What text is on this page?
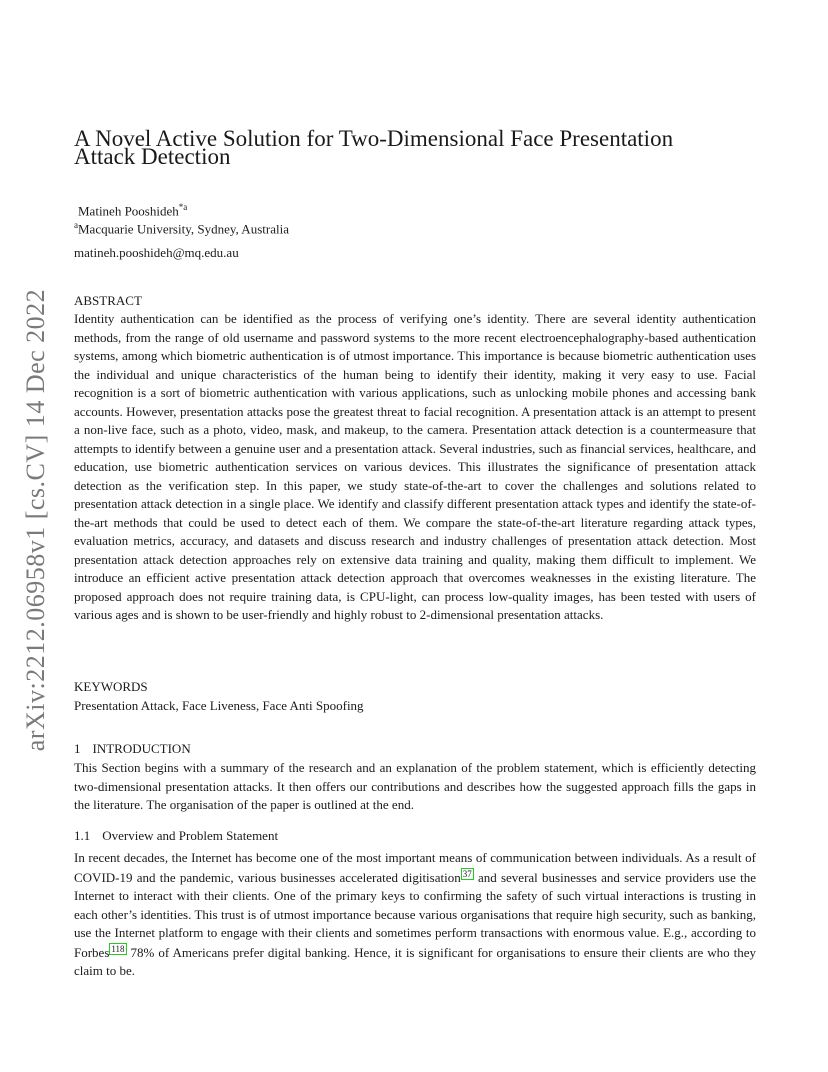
arXiv:2212.06958v1 [cs.CV] 14 Dec 2022
A Novel Active Solution for Two-Dimensional Face Presentation
Attack Detection
Matineh Pooshideh$^{*a}$
$^a$Macquarie University, Sydney, Australia
matineh.pooshideh@mq.edu.au
ABSTRACT

Identity authentication can be identified as the process of verifying one’s identity. There are several identity authentication methods, from the range of old username and password systems to the more recent electroencephalography-based authentication systems, among which biometric authentication is of utmost importance. This importance is because biometric authentication uses the individual and unique characteristics of the human being to identify their identity, making it very easy to use. Facial recognition is a sort of biometric authentication with various applications, such as unlocking mobile phones and accessing bank accounts. However, presentation attacks pose the greatest threat to facial recognition. A presentation attack is an attempt to present a non-live face, such as a photo, video, mask, and makeup, to the camera. Presentation attack detection is a countermeasure that attempts to identify between a genuine user and a presentation attack. Several industries, such as financial services, healthcare, and education, use biometric authentication services on various devices. This illustrates the significance of presentation attack detection as the verification step. In this paper, we study state-of-the-art to cover the challenges and solutions related to presentation attack detection in a single place. We identify and classify different presentation attack types and identify the state-of-the-art methods that could be used to detect each of them. We compare the state-of-the-art literature regarding attack types, evaluation metrics, accuracy, and datasets and discuss research and industry challenges of presentation attack detection. Most presentation attack detection approaches rely on extensive data training and quality, making them difficult to implement. We introduce an efficient active presentation attack detection approach that overcomes weaknesses in the existing literature. The proposed approach does not require training data, is CPU-light, can process low-quality images, has been tested with users of various ages and is shown to be user-friendly and highly robust to 2-dimensional presentation attacks.

KEYWORDS

Presentation Attack, Face Liveness, Face Anti Spoofing

1 INTRODUCTION

This Section begins with a summary of the research and an explanation of the problem statement, which is efficiently detecting two-dimensional presentation attacks. It then offers our contributions and describes how the suggested approach fills the gaps in the literature. The organisation of the paper is outlined at the end.

1.1 Overview and Problem Statement

In recent decades, the Internet has become one of the most important means of communication between individuals. As a result of COVID-19 and the pandemic, various businesses accelerated digitisation 37 and several businesses and service providers use the Internet to interact with their clients. One of the primary keys to confirming the safety of such virtual interactions is trusting in each other’s identities. This trust is of utmost importance because various organisations that require high security, such as banking, use the Internet platform to engage with their clients and sometimes perform transactions with enormous value. E.g., according to Forbes 118 78% of Americans prefer digital banking. Hence, it is significant for organisations to ensure their clients are who they claim to be.
